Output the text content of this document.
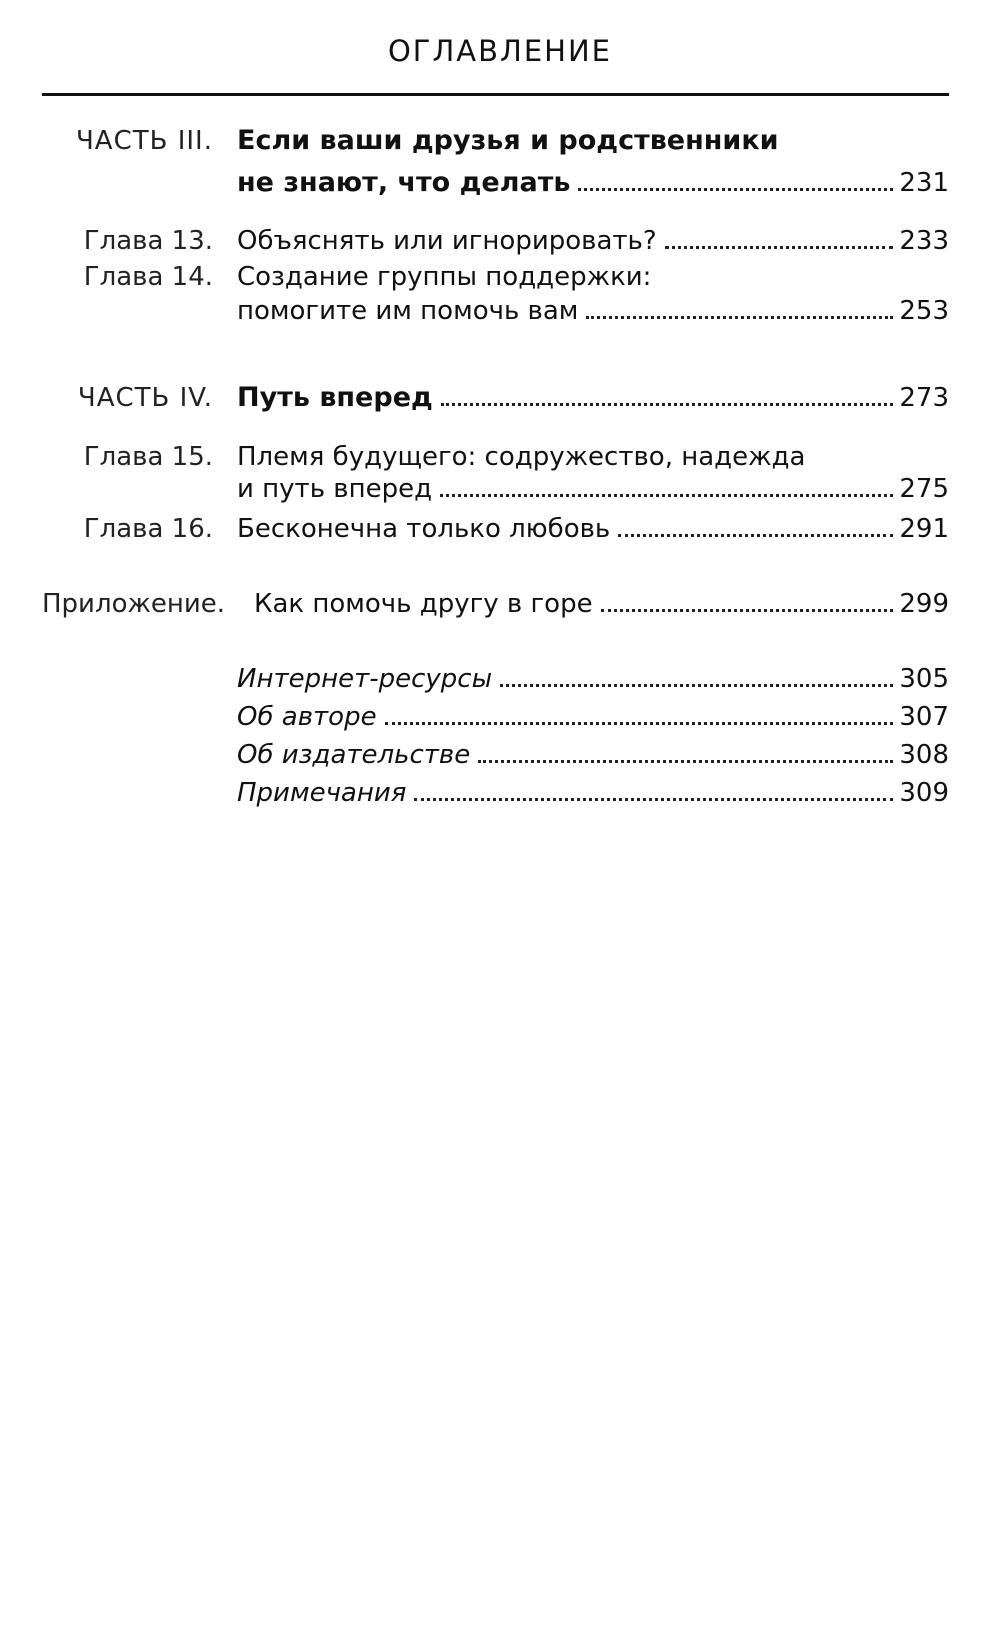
ОГЛАВЛЕНИЕ
ЧАСТЬ III. Если ваши друзья и родственники
не знают, что делать	231
Глава 13. Объяснять или игнорировать?	233
Глава 14. Создание группы поддержки:
помогите им помочь вам	253
ЧАСТЬ IV. Путь вперед	273
Глава 15. Племя будущего: содружество, надежда
и путь вперед	275
Глава 16. Бесконечна только любовь	291
Приложение. Как помочь другу в горе	299
Интернет-ресурсы	305
Об авторе	307
Об издательстве	308
Примечания	309
